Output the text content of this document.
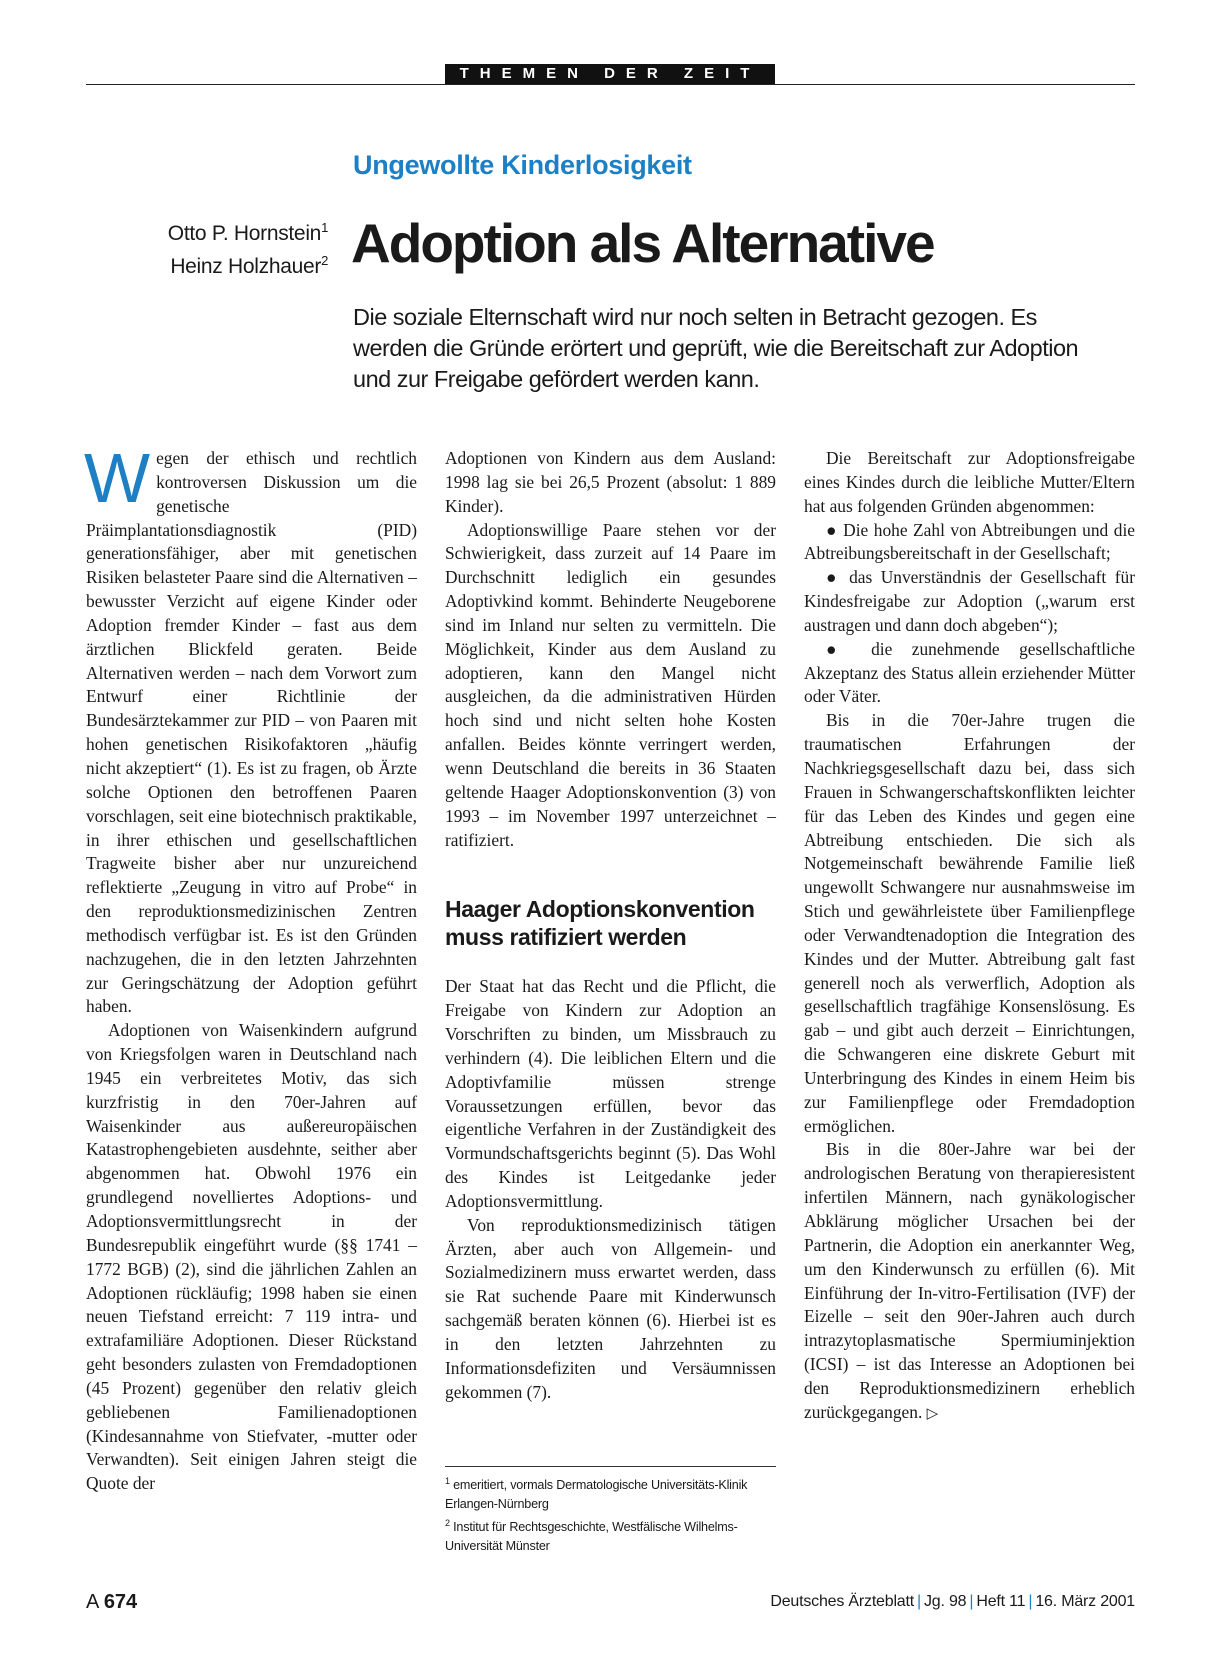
THEMEN DER ZEIT
Ungewollte Kinderlosigkeit
Otto P. Hornstein$^1$
Heinz Holzhauer$^2$ Adoption als Alternative
Die soziale Elternschaft wird nur noch selten in Betracht gezogen. Es werden die Gründe erörtert und geprüft, wie die Bereitschaft zur Adoption und zur Freigabe gefördert werden kann.

Wegen der ethisch und rechtlich kontroversen Diskussion um die genetische Präimplantationsdiagnostik (PID) generationsfähiger, aber mit genetischen Risiken belasteter Paare sind die Alternativen – bewusster Verzicht auf eigene Kinder oder Adoption fremder Kinder – fast aus dem ärztlichen Blickfeld geraten. Beide Alternativen werden – nach dem Vorwort zum Entwurf einer Richtlinie der Bundesärztekammer zur PID – von Paaren mit hohen genetischen Risikofaktoren „häufig nicht akzeptiert“ (1). Es ist zu fragen, ob Ärzte solche Optionen den betroffenen Paaren vorschlagen, seit eine biotechnisch praktikable, in ihrer ethischen und gesellschaftlichen Tragweite bisher aber nur unzureichend reflektierte „Zeugung in vitro auf Probe“ in den reproduktionsmedizinischen Zentren methodisch verfügbar ist. Es ist den Gründen nachzugehen, die in den letzten Jahrzehnten zur Geringschätzung der Adoption geführt haben.

Adoptionen von Waisenkindern aufgrund von Kriegsfolgen waren in Deutschland nach 1945 ein verbreitetes Motiv, das sich kurzfristig in den 70er-Jahren auf Waisenkinder aus außereuropäischen Katastrophengebieten ausdehnte, seither aber abgenommen hat. Obwohl 1976 ein grundlegend novelliertes Adoptions- und Adoptionsvermittlungsrecht in der Bundesrepublik eingeführt wurde (§§ 1741 – 1772 BGB) (2), sind die jährlichen Zahlen an Adoptionen rückläufig; 1998 haben sie einen neuen Tiefstand erreicht: 7 119 intra- und extrafamiliäre Adoptionen. Dieser Rückstand geht besonders zulasten von Fremdadoptionen (45 Prozent) gegenüber den relativ gleich gebliebenen Familienadoptionen (Kindesannahme von Stiefvater, -mutter oder Verwandten). Seit einigen Jahren steigt die Quote der

Adoptionen von Kindern aus dem Ausland: 1998 lag sie bei 26,5 Prozent (absolut: 1 889 Kinder).

Adoptionswillige Paare stehen vor der Schwierigkeit, dass zurzeit auf 14 Paare im Durchschnitt lediglich ein gesundes Adoptivkind kommt. Behinderte Neugeborene sind im Inland nur selten zu vermitteln. Die Möglichkeit, Kinder aus dem Ausland zu adoptieren, kann den Mangel nicht ausgleichen, da die administrativen Hürden hoch sind und nicht selten hohe Kosten anfallen. Beides könnte verringert werden, wenn Deutschland die bereits in 36 Staaten geltende Haager Adoptionskonvention (3) von 1993 – im November 1997 unterzeichnet – ratifiziert.

Haager Adoptionskonvention muss ratifiziert werden

Der Staat hat das Recht und die Pflicht, die Freigabe von Kindern zur Adoption an Vorschriften zu binden, um Missbrauch zu verhindern (4). Die leiblichen Eltern und die Adoptivfamilie müssen strenge Voraussetzungen erfüllen, bevor das eigentliche Verfahren in der Zuständigkeit des Vormundschaftsgerichts beginnt (5). Das Wohl des Kindes ist Leitgedanke jeder Adoptionsvermittlung.

Von reproduktionsmedizinisch tätigen Ärzten, aber auch von Allgemein- und Sozialmedizinern muss erwartet werden, dass sie Rat suchende Paare mit Kinderwunsch sachgemäß beraten können (6). Hierbei ist es in den letzten Jahrzehnten zu Informationsdefiziten und Versäumnissen gekommen (7).

$^1$ emeritiert, vormals Dermatologische Universitäts-Klinik Erlangen-Nürnberg

$^2$ Institut für Rechtsgeschichte, Westfälische Wilhelms-Universität Münster

Die Bereitschaft zur Adoptionsfreigabe eines Kindes durch die leibliche Mutter/Eltern hat aus folgenden Gründen abgenommen:

● Die hohe Zahl von Abtreibungen und die Abtreibungsbereitschaft in der Gesellschaft;

● das Unverständnis der Gesellschaft für Kindesfreigabe zur Adoption („warum erst austragen und dann doch abgeben“);

● die zunehmende gesellschaftliche Akzeptanz des Status allein erziehender Mütter oder Väter.

Bis in die 70er-Jahre trugen die traumatischen Erfahrungen der Nachkriegsgesellschaft dazu bei, dass sich Frauen in Schwangerschaftskonflikten leichter für das Leben des Kindes und gegen eine Abtreibung entschieden. Die sich als Notgemeinschaft bewährende Familie ließ ungewollt Schwangere nur ausnahmsweise im Stich und gewährleistete über Familienpflege oder Verwandtenadoption die Integration des Kindes und der Mutter. Abtreibung galt fast generell noch als verwerflich, Adoption als gesellschaftlich tragfähige Konsenslösung. Es gab – und gibt auch derzeit – Einrichtungen, die Schwangeren eine diskrete Geburt mit Unterbringung des Kindes in einem Heim bis zur Familienpflege oder Fremdadoption ermöglichen.

Bis in die 80er-Jahre war bei der andrologischen Beratung von therapieresistent infertilen Männern, nach gynäkologischer Abklärung möglicher Ursachen bei der Partnerin, die Adoption ein anerkannter Weg, um den Kinderwunsch zu erfüllen (6). Mit Einführung der In-vitro-Fertilisation (IVF) der Eizelle – seit den 90er-Jahren auch durch intrazytoplasmatische Spermiuminjektion (ICSI) – ist das Interesse an Adoptionen bei den Reproduktionsmedizinern erheblich zurückgegangen. ▷

A 674	Deutsches Ärzteblatt | Jg. 98 | Heft 11 | 16. März 2001
